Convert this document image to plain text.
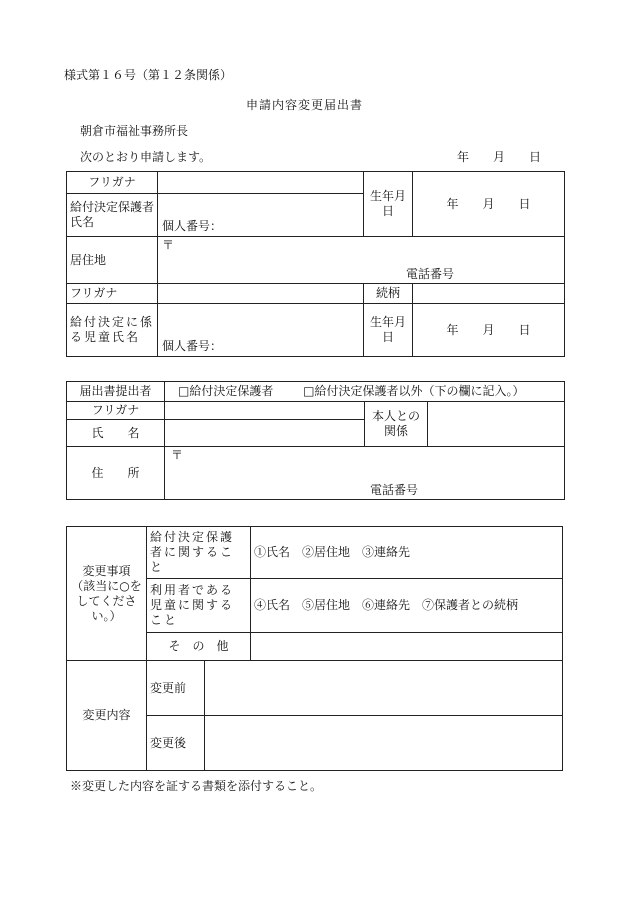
様式第１６号（第１２条関係）
申請内容変更届出書
朝倉市福祉事務所長
次のとおり申請します。	年　　月　　日
フリガナ		生年月日	年　　月　　日
給付決定保護者氏名	個人番号：		

居住地	〒
電話番号		

フリガナ		続柄	
給付決定に係る児童氏名	個人番号：	生年月日	年　　月　　日
届出書提出者	□給付決定保護者 □給付決定保護者以外（下の欄に記入。）		
フリガナ		本人との関係	
氏　　名			
住　　所	〒
電話番号		
変更事項（該当に○をしてください。）	給付決定保護者に関すること		①氏名　②居住地　③連絡先
	利用者である児童に関すること		④氏名　⑤居住地　⑥連絡先　⑦保護者との続柄
	そ　の　他		
変更内容	変更前		
	変更後		
※変更した内容を証する書類を添付すること。
